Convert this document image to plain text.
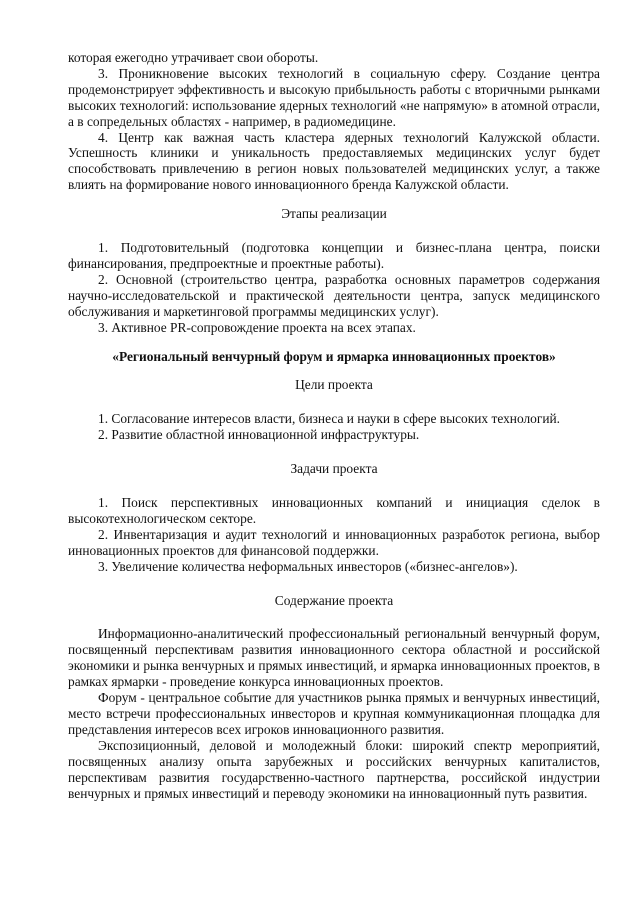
которая ежегодно утрачивает свои обороты.

3. Проникновение высоких технологий в социальную сферу. Создание центра продемонстрирует эффективность и высокую прибыльность работы с вторичными рынками высоких технологий: использование ядерных технологий «не напрямую» в атомной отрасли, а в сопредельных областях - например, в радиомедицине.

4. Центр как важная часть кластера ядерных технологий Калужской области. Успешность клиники и уникальность предоставляемых медицинских услуг будет способствовать привлечению в регион новых пользователей медицинских услуг, а также влиять на формирование нового инновационного бренда Калужской области.

Этапы реализации

1. Подготовительный (подготовка концепции и бизнес-плана центра, поиски финансирования, предпроектные и проектные работы).

2. Основной (строительство центра, разработка основных параметров содержания научно-исследовательской и практической деятельности центра, запуск медицинского обслуживания и маркетинговой программы медицинских услуг).

3. Активное PR-сопровождение проекта на всех этапах.

«Региональный венчурный форум и ярмарка инновационных проектов»

Цели проекта

1. Согласование интересов власти, бизнеса и науки в сфере высоких технологий.

2. Развитие областной инновационной инфраструктуры.

Задачи проекта

1. Поиск перспективных инновационных компаний и инициация сделок в высокотехнологическом секторе.

2. Инвентаризация и аудит технологий и инновационных разработок региона, выбор инновационных проектов для финансовой поддержки.

3. Увеличение количества неформальных инвесторов («бизнес-ангелов»).

Содержание проекта

Информационно-аналитический профессиональный региональный венчурный форум, посвященный перспективам развития инновационного сектора областной и российской экономики и рынка венчурных и прямых инвестиций, и ярмарка инновационных проектов, в рамках ярмарки - проведение конкурса инновационных проектов.

Форум - центральное событие для участников рынка прямых и венчурных инвестиций, место встречи профессиональных инвесторов и крупная коммуникационная площадка для представления интересов всех игроков инновационного развития.

Экспозиционный, деловой и молодежный блоки: широкий спектр мероприятий, посвященных анализу опыта зарубежных и российских венчурных капиталистов, перспективам развития государственно-частного партнерства, российской индустрии венчурных и прямых инвестиций и переводу экономики на инновационный путь развития.
